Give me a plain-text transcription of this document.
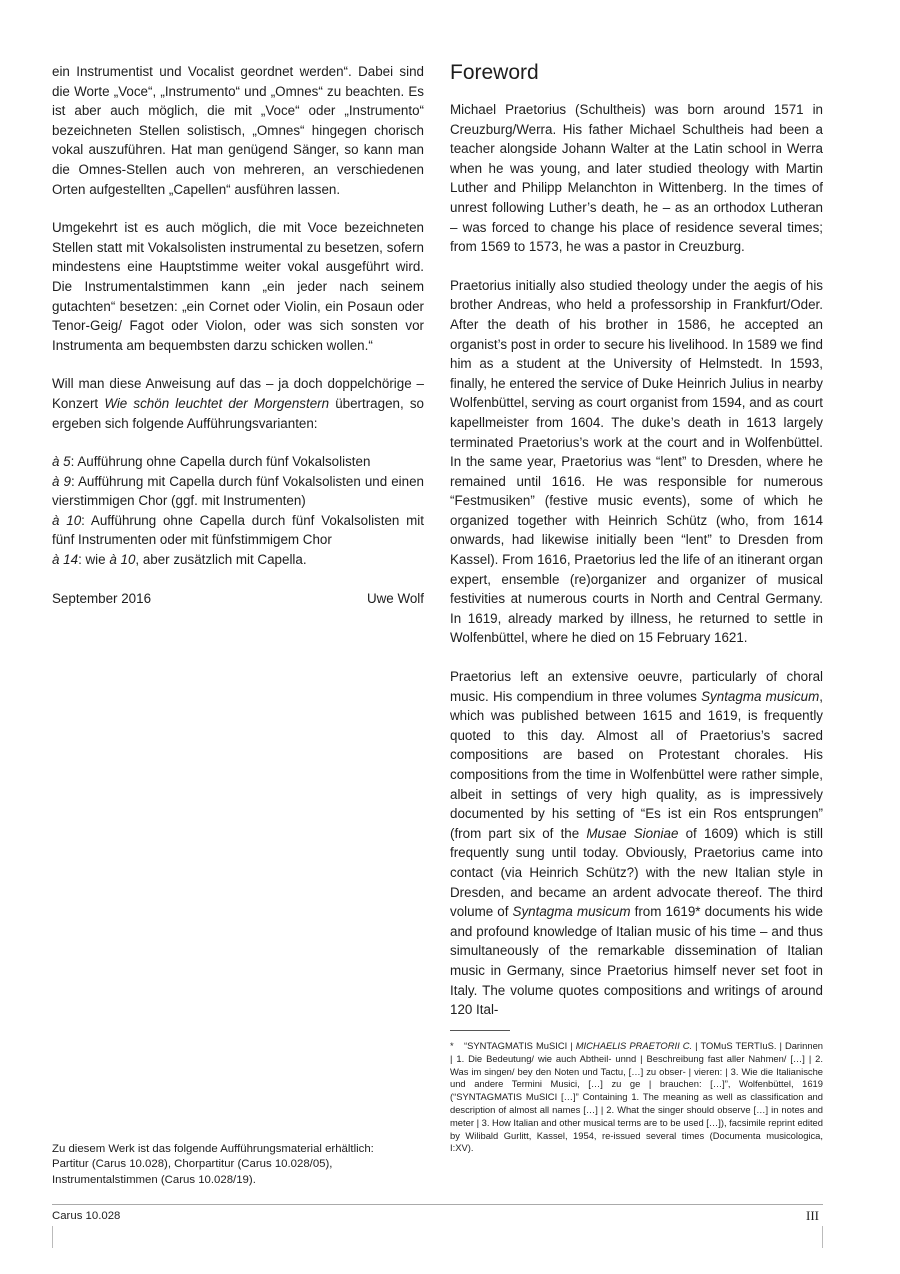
ein Instrumentist und Vocalist geordnet werden“. Dabei sind die Worte „Voce“, „Instrumento“ und „Omnes“ zu beachten. Es ist aber auch möglich, die mit „Voce“ oder „Instrumento“ bezeichneten Stellen solistisch, „Omnes“ hingegen chorisch vokal auszuführen. Hat man genügend Sänger, so kann man die Omnes-Stellen auch von mehreren, an verschiedenen Orten aufgestellten „Capellen“ ausführen lassen.

Umgekehrt ist es auch möglich, die mit Voce bezeichneten Stellen statt mit Vokalsolisten instrumental zu besetzen, sofern mindestens eine Hauptstimme weiter vokal ausgeführt wird. Die Instrumentalstimmen kann „ein jeder nach seinem gutachten“ besetzen: „ein Cornet oder Violin, ein Posaun oder Tenor-Geig/ Fagot oder Violon, oder was sich sonsten vor Instrumenta am bequembsten darzu schicken wollen.“

Will man diese Anweisung auf das – ja doch doppelchörige – Konzert Wie schön leuchtet der Morgenstern übertragen, so ergeben sich folgende Aufführungsvarianten:

à 5: Aufführung ohne Capella durch fünf Vokalsolisten
à 9: Aufführung mit Capella durch fünf Vokalsolisten und einen vierstimmigen Chor (ggf. mit Instrumenten)
à 10: Aufführung ohne Capella durch fünf Vokalsolisten mit fünf Instrumenten oder mit fünfstimmigem Chor
à 14: wie à 10, aber zusätzlich mit Capella.
September 2016	Uwe Wolf
Foreword

Michael Praetorius (Schultheis) was born around 1571 in Creuzburg/Werra. His father Michael Schultheis had been a teacher alongside Johann Walter at the Latin school in Werra when he was young, and later studied theology with Martin Luther and Philipp Melanchton in Wittenberg. In the times of unrest following Luther’s death, he – as an orthodox Lutheran – was forced to change his place of residence several times; from 1569 to 1573, he was a pastor in Creuzburg.

Praetorius initially also studied theology under the aegis of his brother Andreas, who held a professorship in Frankfurt/Oder. After the death of his brother in 1586, he accepted an organist’s post in order to secure his livelihood. In 1589 we find him as a student at the University of Helmstedt. In 1593, finally, he entered the service of Duke Heinrich Julius in nearby Wolfenbüttel, serving as court organist from 1594, and as court kapellmeister from 1604. The duke’s death in 1613 largely terminated Praetorius’s work at the court and in Wolfenbüttel. In the same year, Praetorius was “lent” to Dresden, where he remained until 1616. He was responsible for numerous “Festmusiken” (festive music events), some of which he organized together with Heinrich Schütz (who, from 1614 onwards, had likewise initially been “lent” to Dresden from Kassel). From 1616, Praetorius led the life of an itinerant organ expert, ensemble (re)organizer and organizer of musical festivities at numerous courts in North and Central Germany. In 1619, already marked by illness, he returned to settle in Wolfenbüttel, where he died on 15 February 1621.

Praetorius left an extensive oeuvre, particularly of choral music. His compendium in three volumes Syntagma musicum, which was published between 1615 and 1619, is frequently quoted to this day. Almost all of Praetorius’s sacred compositions are based on Protestant chorales. His compositions from the time in Wolfenbüttel were rather simple, albeit in settings of very high quality, as is impressively documented by his setting of “Es ist ein Ros entsprungen” (from part six of the Musae Sioniae of 1609) which is still frequently sung until today. Obviously, Praetorius came into contact (via Heinrich Schütz?) with the new Italian style in Dresden, and became an ardent advocate thereof. The third volume of Syntagma musicum from 1619* documents his wide and profound knowledge of Italian music of his time – and thus simultaneously of the remarkable dissemination of Italian music in Germany, since Praetorius himself never set foot in Italy. The volume quotes compositions and writings of around 120 Ital-

* “SYNTAGMATIS MuSICI | MICHAELIS PRAETORII C. | TOMuS TERTIuS. | Darinnen | 1. Die Bedeutung/ wie auch Abtheil- unnd | Beschreibung fast aller Nahmen/ […] | 2. Was im singen/ bey den Noten und Tactu, […] zu obser- | vieren: | 3. Wie die Italianische und andere Termini Musici, […] zu ge | brauchen: […]”, Wolfenbüttel, 1619 (“SYNTAGMATIS MuSICI […]” Containing 1. The meaning as well as classification and description of almost all names […] | 2. What the singer should observe […] in notes and meter | 3. How Italian and other musical terms are to be used […]), facsimile reprint edited by Wilibald Gurlitt, Kassel, 1954, re-issued several times (Documenta musicologica, I:XV).
Zu diesem Werk ist das folgende Aufführungsmaterial erhältlich:
Partitur (Carus 10.028), Chorpartitur (Carus 10.028/05),
Instrumentalstimmen (Carus 10.028/19).
Carus 10.028	III
